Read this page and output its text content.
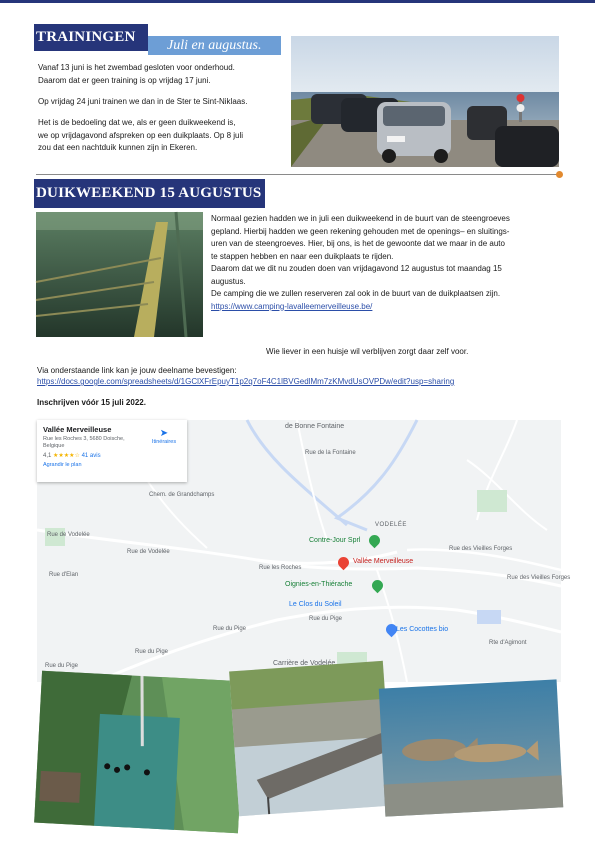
TRAININGEN
Juli en augustus.
Vanaf 13 juni is het zwembad gesloten voor onderhoud.
Daarom dat er geen training is op vrijdag 17 juni.
Op vrijdag 24 juni trainen we dan in de Ster te Sint-Niklaas.
Het is de bedoeling dat we, als er geen duikweekend is,
we op vrijdagavond afspreken op een duikplaats. Op 8 juli
zou dat een nachtduik kunnen zijn in Ekeren.
DUIKWEEKEND 15 AUGUSTUS
Normaal gezien hadden we in juli een duikweekend in de buurt van de steengroeves
gepland. Hierbij hadden we geen rekening gehouden met de openings– en sluitings-
uren van de steengroeves. Hier, bij ons, is het de gewoonte dat we maar in de auto
te stappen hebben en naar een duikplaats te rijden.
Daarom dat we dit nu zouden doen van vrijdagavond 12 augustus tot maandag 15
augustus.
De camping die we zullen reserveren zal ook in de buurt van de duikplaatsen zijn.
https://www.camping-lavalleemerveilleuse.be/
Wie liever in een huisje wil verblijven zorgt daar zelf voor.
Via onderstaande link kan je jouw deelname bevestigen:
https://docs.google.com/spreadsheets/d/1GClXFrEpuyT1p2q7oF4C1lBVGedlMm7zKMvdUsOVPDw/edit?usp=sharing
Inschrijven vóór 15 juli 2022.
Vallée Merveilleuse
Rue les Roches 3, 5680 Doische,
Belgique
4,1 ★★★★☆ 41 avis
Agrandir le plan
➤
Itinéraires
de Bonne Fontaine
VODELÉE
Contre-Jour Sprl
Vallée Merveilleuse
Oignies-en-Thiérache
Le Clos du Soleil
Les Cocottes bio
Carrière de Vodelée
Rue de Vodelée
Rue de Vodelée
Rue les Roches
Rue des Vieilles Forges
Rue des Vieilles Forges
Rue du Pige
Rue du Pige
Rue du Pige
Rue du Pige
Rte d'Agimont
Chem. de Grandchamps
Rue d'Elan
Rue de la Fontaine
